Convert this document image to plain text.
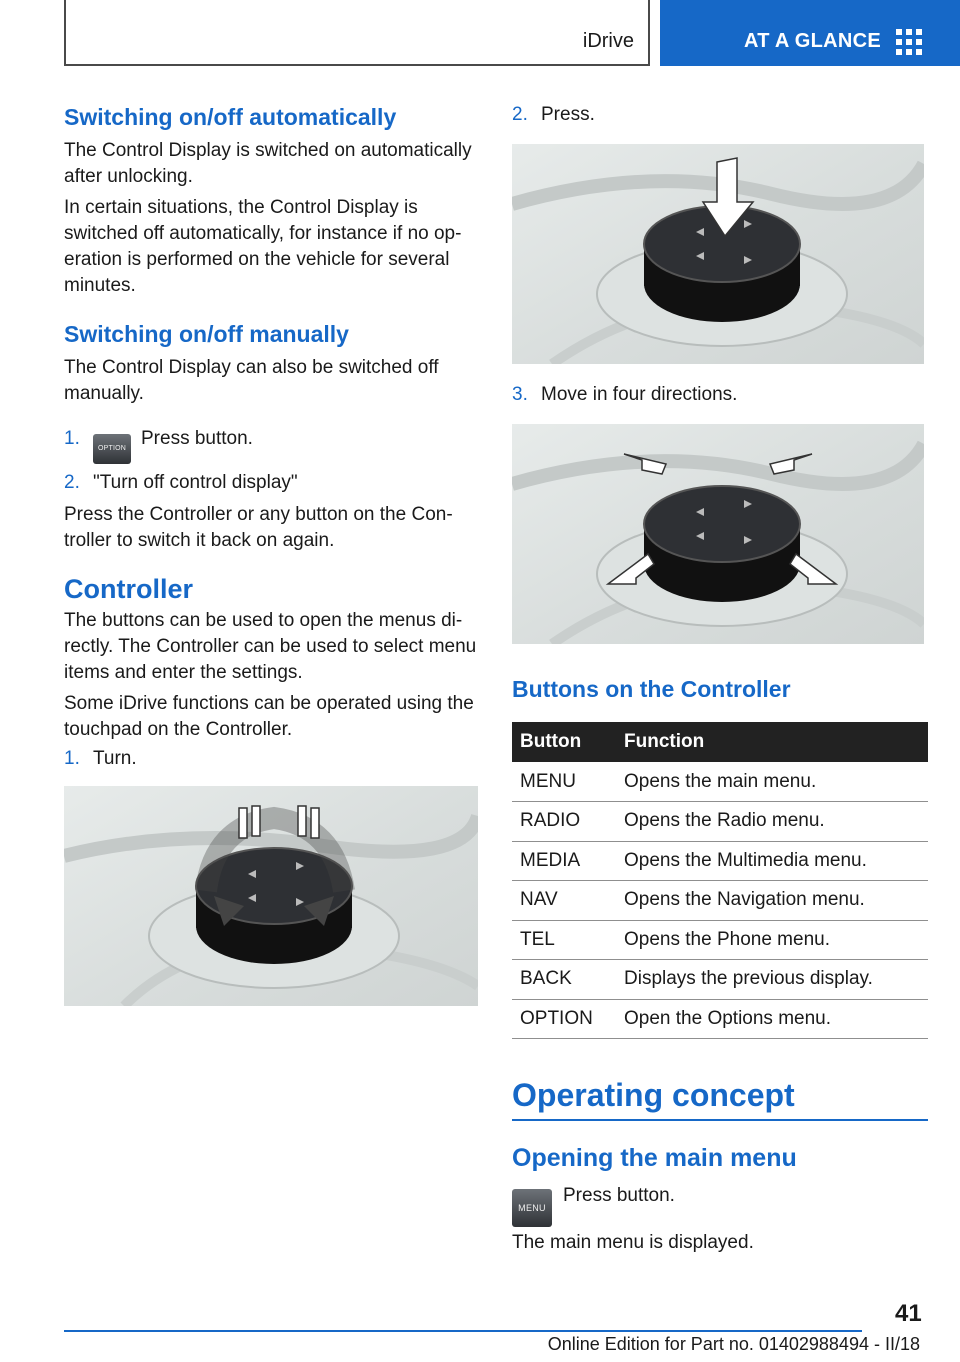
iDrive	AT A GLANCE
Switching on/off automatically

The Control Display is switched on automatically after unlocking.

In certain situations, the Control Display is switched off automatically, for instance if no op- eration is performed on the vehicle for several minutes.

Switching on/off manually

The Control Display can also be switched off manually.

1.	OPTION Press button.
2. "Turn off control display"

Press the Controller or any button on the Con- troller to switch it back on again.

Controller

The buttons can be used to open the menus di- rectly. The Controller can be used to select menu items and enter the settings.

Some iDrive functions can be operated using the touchpad on the Controller.

1. Turn.
2. Press.
3. Move in four directions.
Buttons on the Controller
Button	Function
MENU	Opens the main menu.
RADIO	Opens the Radio menu.
MEDIA	Opens the Multimedia menu.
NAV	Opens the Navigation menu.
TEL	Opens the Phone menu.
BACK	Displays the previous display.
OPTION	Open the Options menu.
Operating concept
Opening the main menu
MENU
Press button.

The main menu is displayed.

41
Online Edition for Part no. 01402988494 - II/18
